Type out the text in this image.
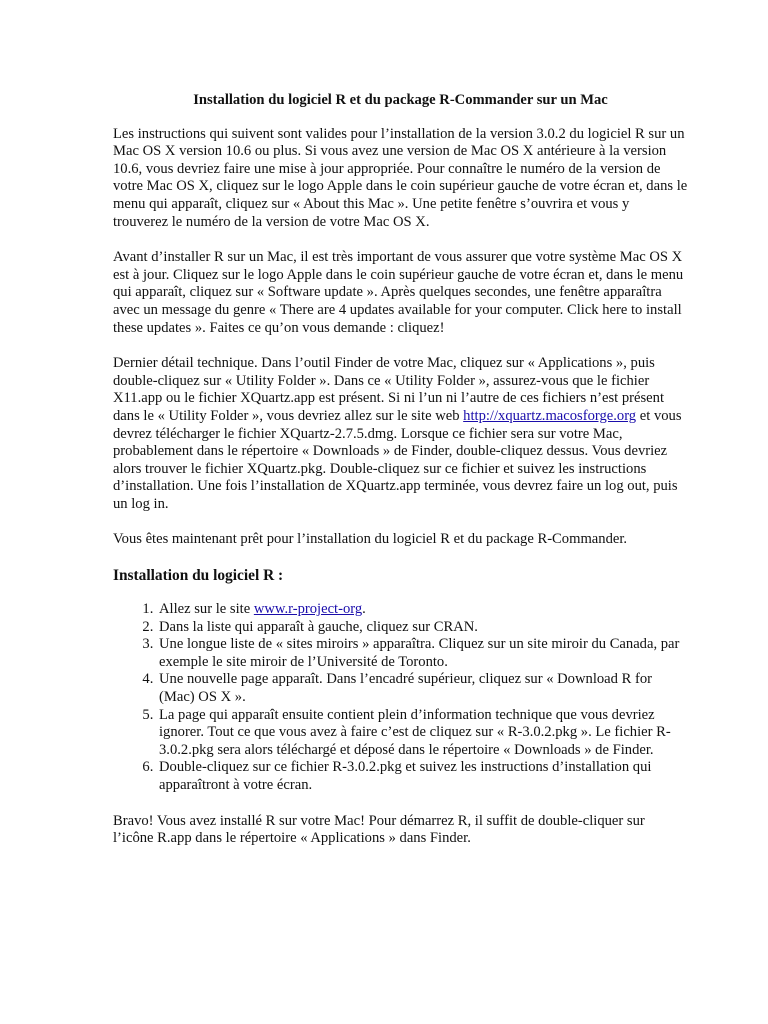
Installation du logiciel R et du package R-Commander sur un Mac

Les instructions qui suivent sont valides pour l’installation de la version 3.0.2 du logiciel R sur un Mac OS X version 10.6 ou plus. Si vous avez une version de Mac OS X antérieure à la version 10.6, vous devriez faire une mise à jour appropriée. Pour connaître le numéro de la version de votre Mac OS X, cliquez sur le logo Apple dans le coin supérieur gauche de votre écran et, dans le menu qui apparaît, cliquez sur « About this Mac ». Une petite fenêtre s’ouvrira et vous y trouverez le numéro de la version de votre Mac OS X.

Avant d’installer R sur un Mac, il est très important de vous assurer que votre système Mac OS X est à jour. Cliquez sur le logo Apple dans le coin supérieur gauche de votre écran et, dans le menu qui apparaît, cliquez sur « Software update ». Après quelques secondes, une fenêtre apparaîtra avec un message du genre « There are 4 updates available for your computer. Click here to install these updates ». Faites ce qu’on vous demande : cliquez!

Dernier détail technique. Dans l’outil Finder de votre Mac, cliquez sur « Applications », puis double-cliquez sur « Utility Folder ». Dans ce « Utility Folder », assurez-vous que le fichier X11.app ou le fichier XQuartz.app est présent. Si ni l’un ni l’autre de ces fichiers n’est présent dans le « Utility Folder », vous devriez allez sur le site web http://xquartz.macosforge.org et vous devrez télécharger le fichier XQuartz-2.7.5.dmg. Lorsque ce fichier sera sur votre Mac, probablement dans le répertoire « Downloads » de Finder, double-cliquez dessus. Vous devriez alors trouver le fichier XQuartz.pkg. Double-cliquez sur ce fichier et suivez les instructions d’installation. Une fois l’installation de XQuartz.app terminée, vous devrez faire un log out, puis un log in.

Vous êtes maintenant prêt pour l’installation du logiciel R et du package R-Commander.

Installation du logiciel R :
1. Allez sur le site www.r-project-org.
2. Dans la liste qui apparaît à gauche, cliquez sur CRAN.
3. Une longue liste de « sites miroirs » apparaîtra. Cliquez sur un site miroir du Canada, par exemple le site miroir de l’Université de Toronto.
4. Une nouvelle page apparaît. Dans l’encadré supérieur, cliquez sur « Download R for (Mac) OS X ».
5. La page qui apparaît ensuite contient plein d’information technique que vous devriez ignorer. Tout ce que vous avez à faire c’est de cliquez sur « R-3.0.2.pkg ». Le fichier R-3.0.2.pkg sera alors téléchargé et déposé dans le répertoire « Downloads » de Finder.
6. Double-cliquez sur ce fichier R-3.0.2.pkg et suivez les instructions d’installation qui apparaîtront à votre écran.

Bravo! Vous avez installé R sur votre Mac! Pour démarrez R, il suffit de double-cliquer sur l’icône R.app dans le répertoire « Applications » dans Finder.
